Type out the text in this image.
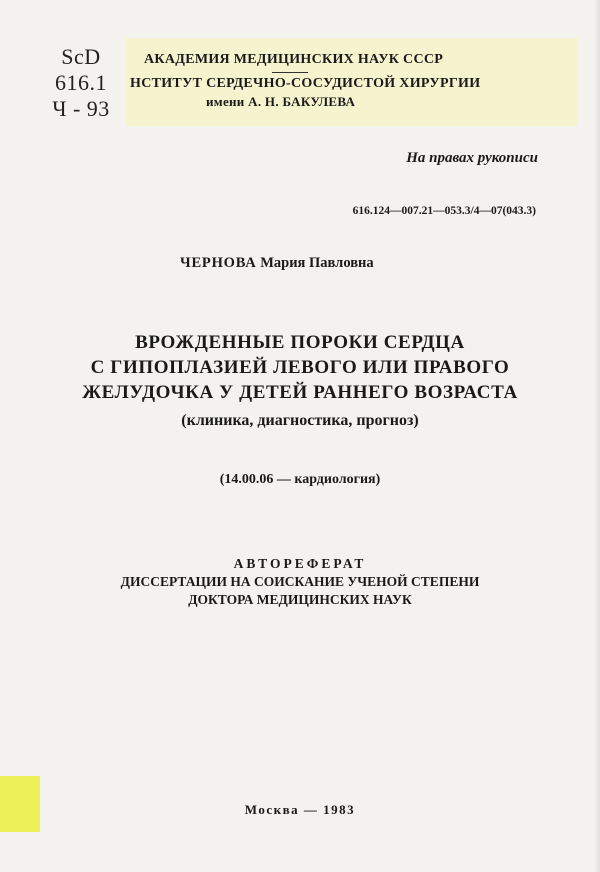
ScD
616.1
Ч - 93
АКАДЕМИЯ МЕДИЦИНСКИХ НАУК СССР
НСТИТУТ СЕРДЕЧНО-СОСУДИСТОЙ ХИРУРГИИ
имени А. Н. БАКУЛЕВА
На правах рукописи
616.124—007.21—053.3/4—07(043.3)
ЧЕРНОВА Мария Павловна
ВРОЖДЕННЫЕ ПОРОКИ СЕРДЦА
С ГИПОПЛАЗИЕЙ ЛЕВОГО ИЛИ ПРАВОГО
ЖЕЛУДОЧКА У ДЕТЕЙ РАННЕГО ВОЗРАСТА
(клиника, диагностика, прогноз)
(14.00.06 — кардиология)
АВТОРЕФЕРАТ
ДИССЕРТАЦИИ НА СОИСКАНИЕ УЧЕНОЙ СТЕПЕНИ
ДОКТОРА МЕДИЦИНСКИХ НАУК
Москва — 1983
